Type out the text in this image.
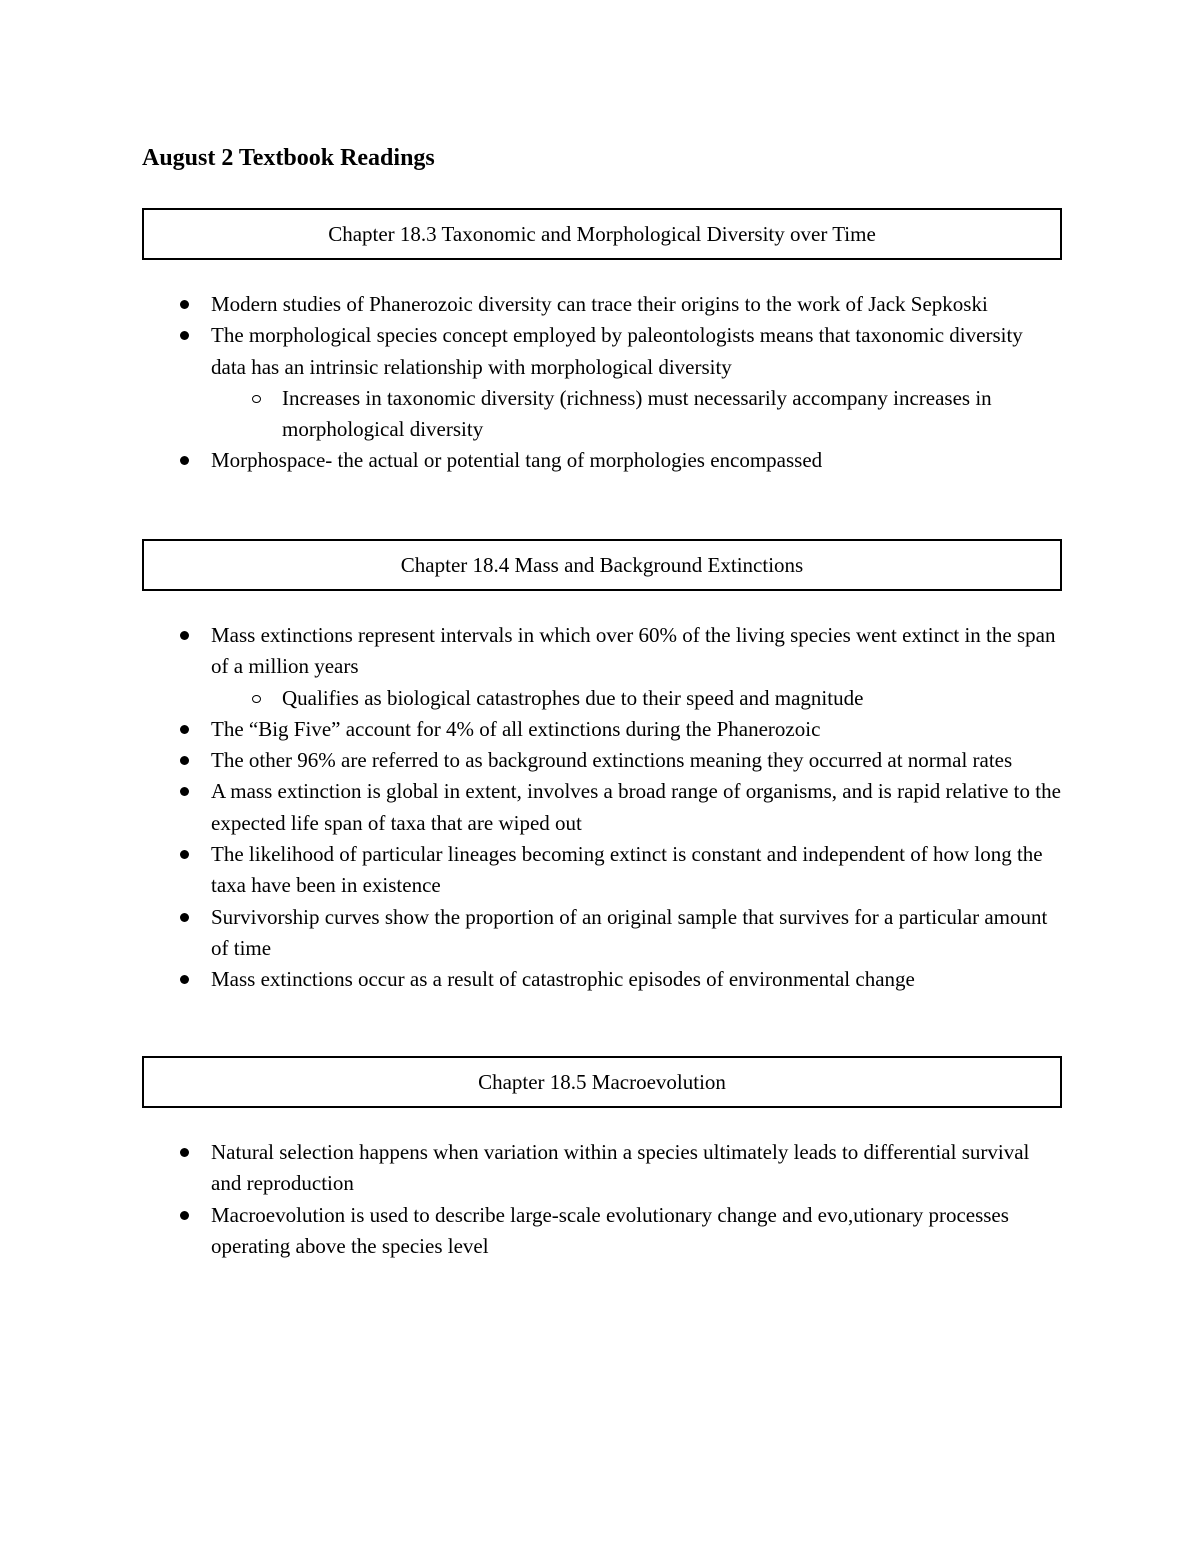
August 2 Textbook Readings
Chapter 18.3 Taxonomic and Morphological Diversity over Time
Modern studies of Phanerozoic diversity can trace their origins to the work of Jack Sepkoski
The morphological species concept employed by paleontologists means that taxonomic diversity data has an intrinsic relationship with morphological diversity
Increases in taxonomic diversity (richness) must necessarily accompany increases in morphological diversity
Morphospace- the actual or potential tang of morphologies encompassed
Chapter 18.4 Mass and Background Extinctions
Mass extinctions represent intervals in which over 60% of the living species went extinct in the span of a million years
Qualifies as biological catastrophes due to their speed and magnitude
The “Big Five” account for 4% of all extinctions during the Phanerozoic
The other 96% are referred to as background extinctions meaning they occurred at normal rates
A mass extinction is global in extent, involves a broad range of organisms, and is rapid relative to the expected life span of taxa that are wiped out
The likelihood of particular lineages becoming extinct is constant and independent of how long the taxa have been in existence
Survivorship curves show the proportion of an original sample that survives for a particular amount of time
Mass extinctions occur as a result of catastrophic episodes of environmental change
Chapter 18.5 Macroevolution
Natural selection happens when variation within a species ultimately leads to differential survival and reproduction
Macroevolution is used to describe large-scale evolutionary change and evo,utionary processes operating above the species level
